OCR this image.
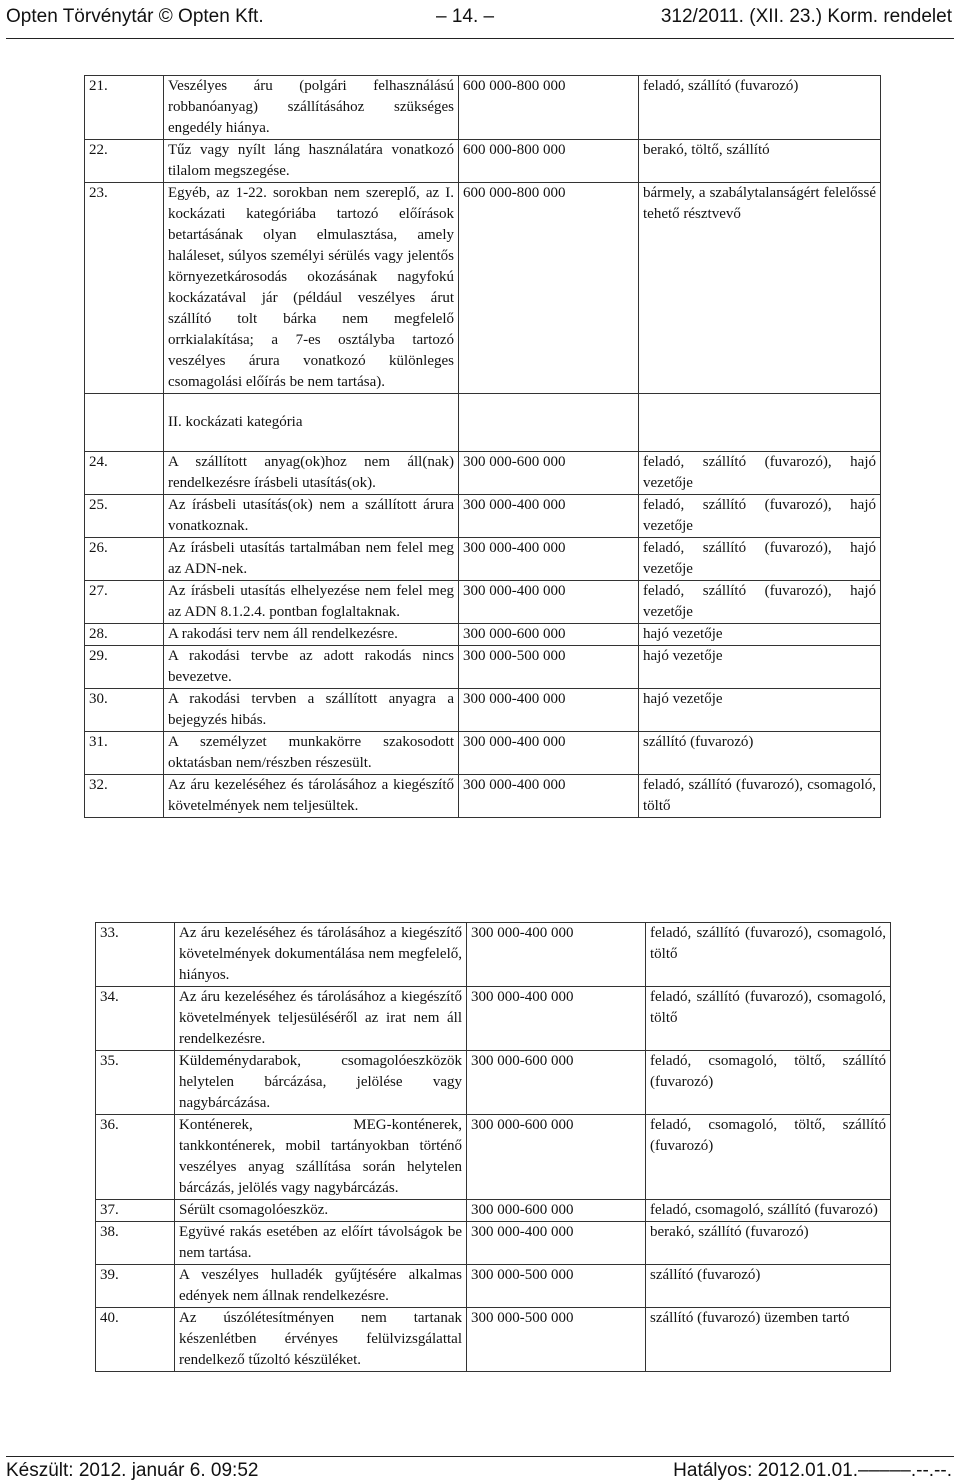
Opten Törvénytár © Opten Kft.	– 14. –	312/2011. (XII. 23.) Korm. rendelet
21.	Veszélyes áru (polgári felhasználású robbanóanyag) szállításához szükséges engedély hiánya.	600 000-800 000	feladó, szállító (fuvarozó)
22.	Tűz vagy nyílt láng használatára vonatkozó tilalom megszegése.	600 000-800 000	berakó, töltő, szállító
23.	Egyéb, az 1-22. sorokban nem szereplő, az I. kockázati kategóriába tartozó előírások betartásának olyan elmulasztása, amely haláleset, súlyos személyi sérülés vagy jelentős környezetkárosodás okozásának nagyfokú kockázatával jár (például veszélyes árut szállító tolt bárka nem megfelelő orrkialakítása; a 7-es osztályba tartozó veszélyes árura vonatkozó különleges csomagolási előírás be nem tartása).	600 000-800 000	bármely, a szabálytalanságért felelőssé tehető résztvevő
	II. kockázati kategória		
24.	A szállított anyag(ok)hoz nem áll(nak) rendelkezésre írásbeli utasítás(ok).	300 000-600 000	feladó, szállító (fuvarozó), hajó vezetője
25.	Az írásbeli utasítás(ok) nem a szállított árura vonatkoznak.	300 000-400 000	feladó, szállító (fuvarozó), hajó vezetője
26.	Az írásbeli utasítás tartalmában nem felel meg az ADN-nek.	300 000-400 000	feladó, szállító (fuvarozó), hajó vezetője
27.	Az írásbeli utasítás elhelyezése nem felel meg az ADN 8.1.2.4. pontban foglaltaknak.	300 000-400 000	feladó, szállító (fuvarozó), hajó vezetője
28.	A rakodási terv nem áll rendelkezésre.	300 000-600 000	hajó vezetője
29.	A rakodási tervbe az adott rakodás nincs bevezetve.	300 000-500 000	hajó vezetője
30.	A rakodási tervben a szállított anyagra a bejegyzés hibás.	300 000-400 000	hajó vezetője
31.	A személyzet munkakörre szakosodott oktatásban nem/részben részesült.	300 000-400 000	szállító (fuvarozó)
32.	Az áru kezeléséhez és tárolásához a kiegészítő követelmények nem teljesültek.	300 000-400 000	feladó, szállító (fuvarozó), csomagoló, töltő
33.	Az áru kezeléséhez és tárolásához a kiegészítő követelmények dokumentálása nem megfelelő, hiányos.	300 000-400 000	feladó, szállító (fuvarozó), csomagoló, töltő
34.	Az áru kezeléséhez és tárolásához a kiegészítő követelmények teljesüléséről az irat nem áll rendelkezésre.	300 000-400 000	feladó, szállító (fuvarozó), csomagoló, töltő
35.	Küldeménydarabok, csomagolóeszközök helytelen bárcázása, jelölése vagy nagybárcázása.	300 000-600 000	feladó, csomagoló, töltő, szállító (fuvarozó)
36.	Konténerek, MEG-konténerek, tankkonténerek, mobil tartányokban történő veszélyes anyag szállítása során helytelen bárcázás, jelölés vagy nagybárcázás.	300 000-600 000	feladó, csomagoló, töltő, szállító (fuvarozó)
37.	Sérült csomagolóeszköz.	300 000-600 000	feladó, csomagoló, szállító (fuvarozó)
38.	Együvé rakás esetében az előírt távolságok be nem tartása.	300 000-400 000	berakó, szállító (fuvarozó)
39.	A veszélyes hulladék gyűjtésére alkalmas edények nem állnak rendelkezésre.	300 000-500 000	szállító (fuvarozó)
40.	Az úszólétesítményen nem tartanak készenlétben érvényes felülvizsgálattal rendelkező tűzoltó készüléket.	300 000-500 000	szállító (fuvarozó) üzemben tartó
Készült: 2012. január 6. 09:52	Hatályos: 2012.01.01.–––––.--.--.
